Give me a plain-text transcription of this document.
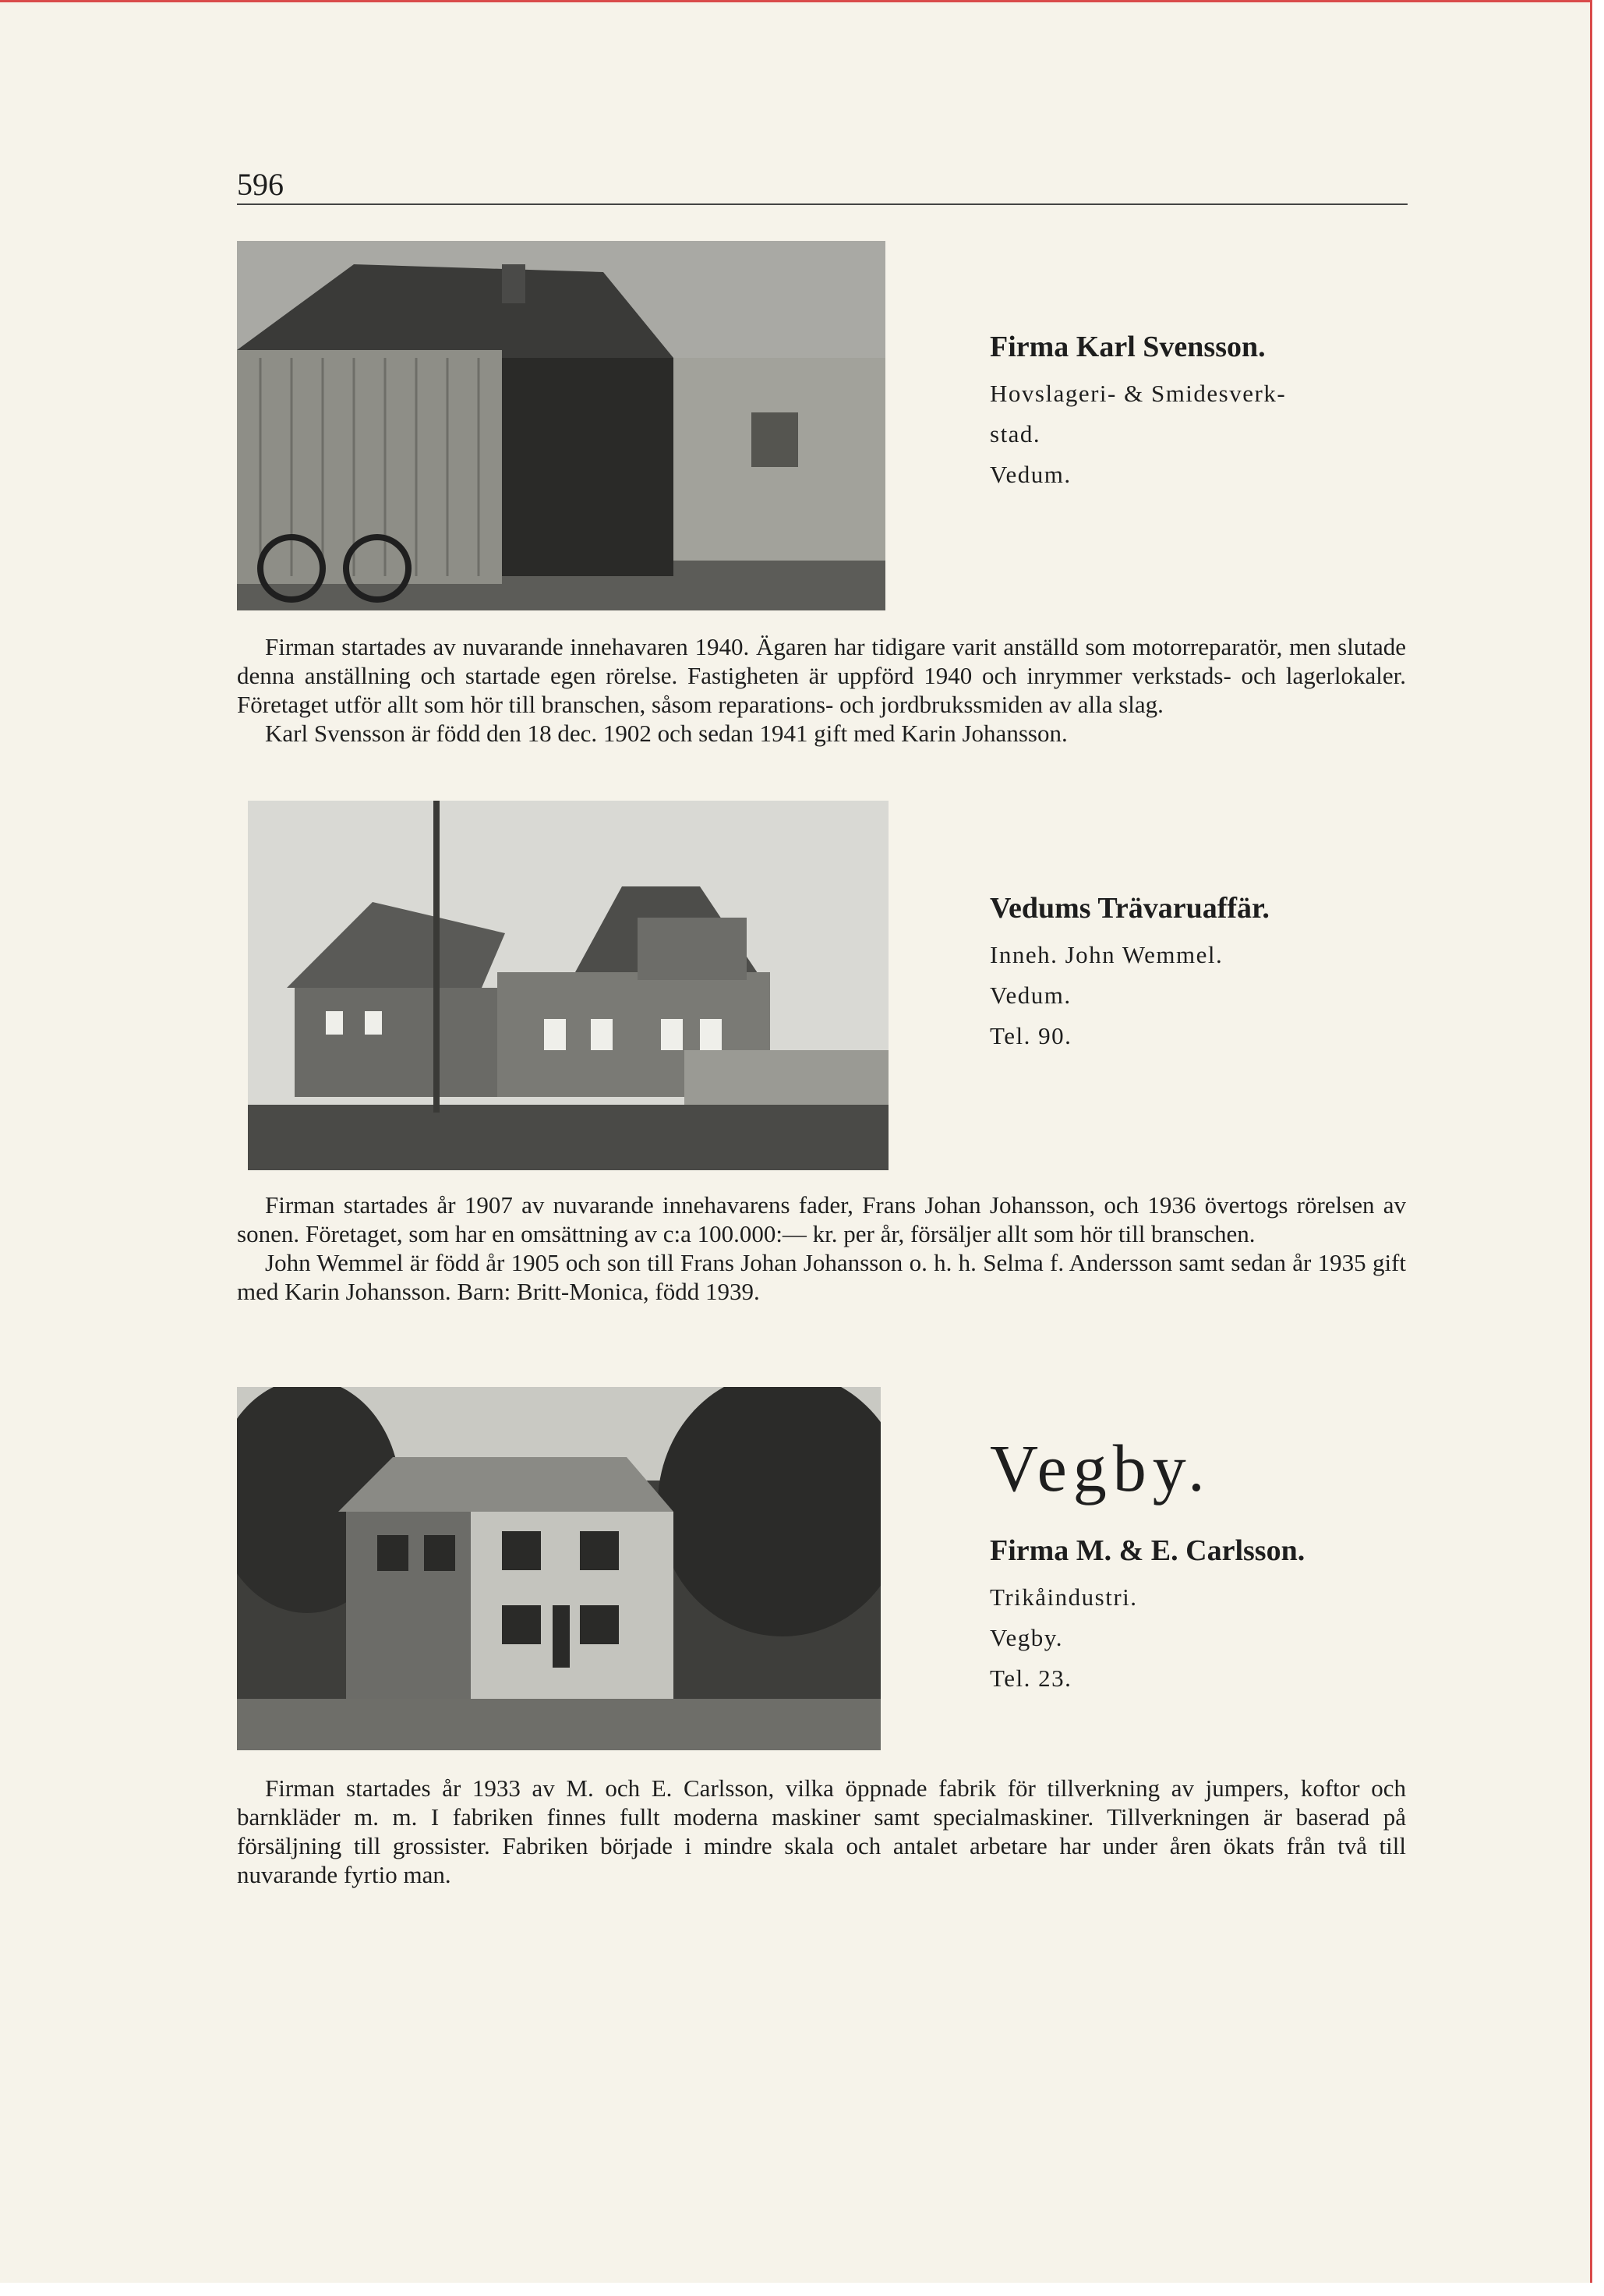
596
Firma Karl Svensson.
Hovslageri- & Smidesverk-
stad.
Vedum.

Firman startades av nuvarande innehavaren 1940. Ägaren har tidigare varit anställd som motorreparatör, men slutade denna anställning och startade egen rörelse. Fastigheten är uppförd 1940 och inrymmer verkstads- och lagerlokaler. Företaget utför allt som hör till branschen, såsom reparations- och jordbrukssmiden av alla slag.

Karl Svensson är född den 18 dec. 1902 och sedan 1941 gift med Karin Johansson.

Vedums Trävaruaffär.
Inneh. John Wemmel.
Vedum.
Tel. 90.

Firman startades år 1907 av nuvarande innehavarens fader, Frans Johan Johansson, och 1936 övertogs rörelsen av sonen. Företaget, som har en omsättning av c:a 100.000:— kr. per år, försäljer allt som hör till branschen.

John Wemmel är född år 1905 och son till Frans Johan Johansson o. h. h. Selma f. Andersson samt sedan år 1935 gift med Karin Johansson. Barn: Britt-Monica, född 1939.

Vegby.
Firma M. & E. Carlsson.
Trikåindustri.
Vegby.
Tel. 23.

Firman startades år 1933 av M. och E. Carlsson, vilka öppnade fabrik för tillverkning av jumpers, koftor och barnkläder m. m. I fabriken finnes fullt moderna maskiner samt specialmaskiner. Tillverkningen är baserad på försäljning till grossister. Fabriken började i mindre skala och antalet arbetare har under åren ökats från två till nuvarande fyrtio man.
